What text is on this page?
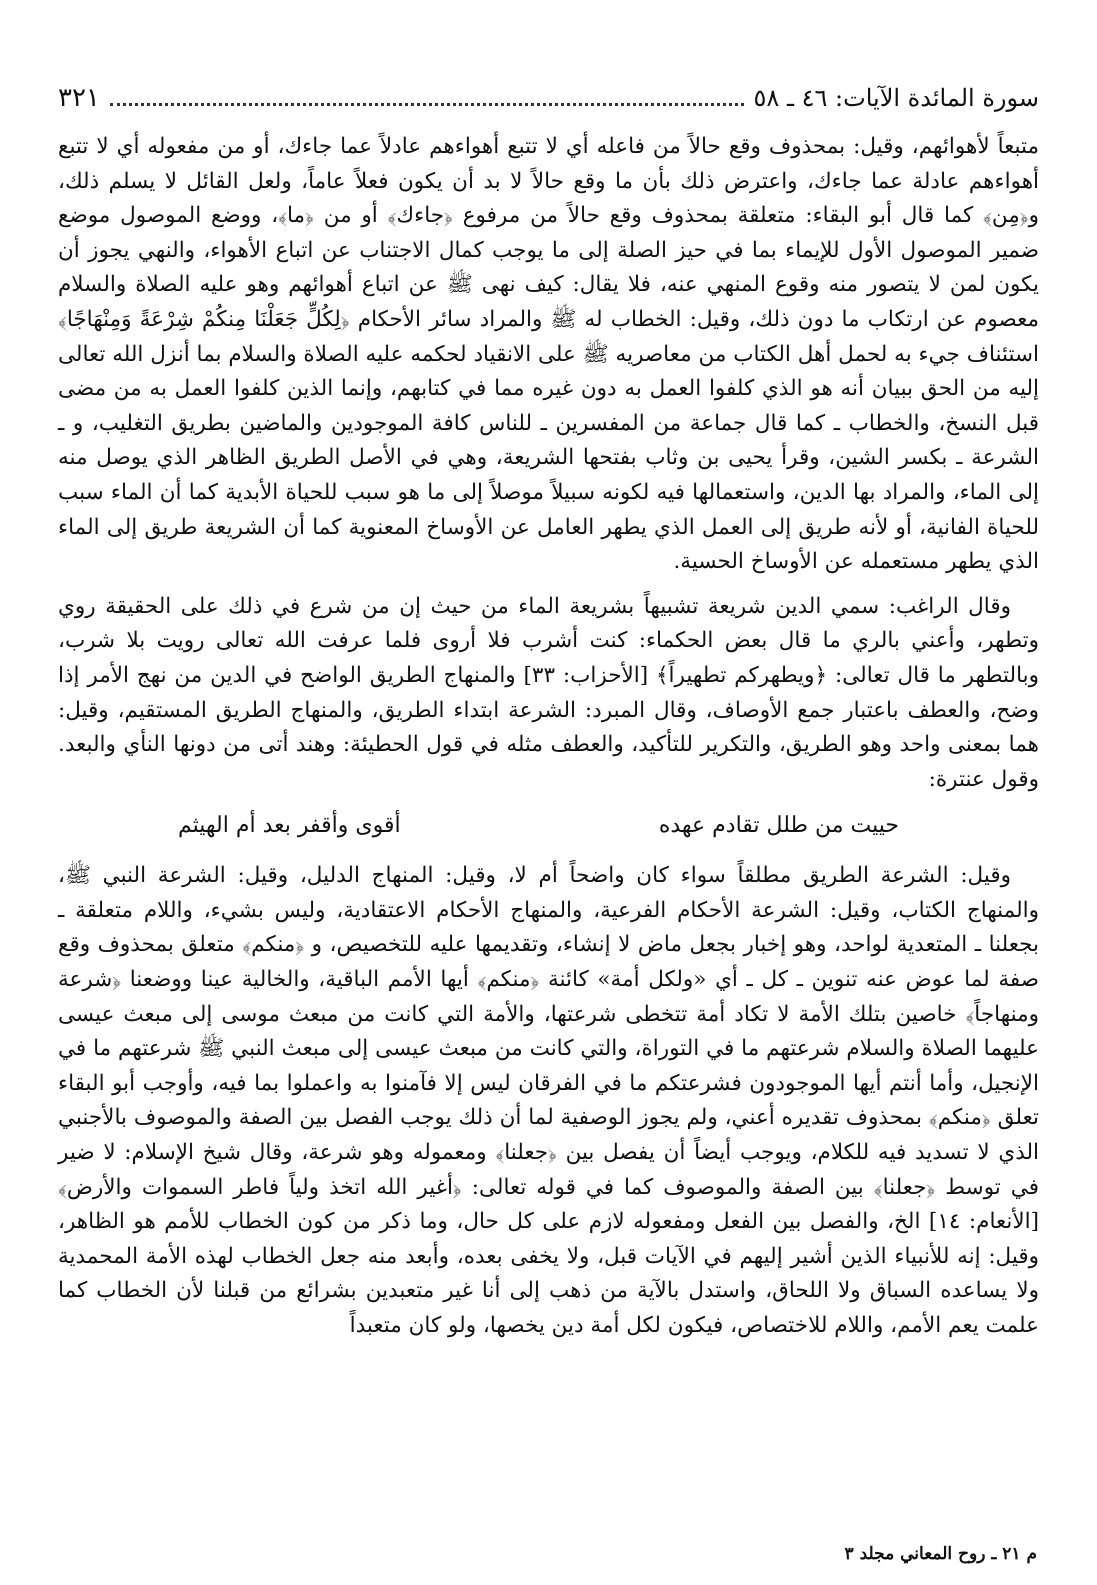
سورة المائدة الآيات: ٤٦ ـ ٥٨
٣٢١

متبعاً لأهوائهم، وقيل: بمحذوف وقع حالاً من فاعله أي لا تتبع أهواءهم عادلاً عما جاءك، أو من مفعوله أي لا تتبع أهواءهم عادلة عما جاءك، واعترض ذلك بأن ما وقع حالاً لا بد أن يكون فعلاً عاماً، ولعل القائل لا يسلم ذلك، و﴿مِن﴾ كما قال أبو البقاء: متعلقة بمحذوف وقع حالاً من مرفوع ﴿جاءك﴾ أو من ﴿ما﴾، ووضع الموصول موضع ضمير الموصول الأول للإيماء بما في حيز الصلة إلى ما يوجب كمال الاجتناب عن اتباع الأهواء، والنهي يجوز أن يكون لمن لا يتصور منه وقوع المنهي عنه، فلا يقال: كيف نهى ﷺ عن اتباع أهوائهم وهو عليه الصلاة والسلام معصوم عن ارتكاب ما دون ذلك، وقيل: الخطاب له ﷺ والمراد سائر الأحكام ﴿لِكُلٍّ جَعَلْنَا مِنكُمْ شِرْعَةً وَمِنْهَاجًا﴾ استئناف جيء به لحمل أهل الكتاب من معاصريه ﷺ على الانقياد لحكمه عليه الصلاة والسلام بما أنزل الله تعالى إليه من الحق ببيان أنه هو الذي كلفوا العمل به دون غيره مما في كتابهم، وإنما الذين كلفوا العمل به من مضى قبل النسخ، والخطاب ـ كما قال جماعة من المفسرين ـ للناس كافة الموجودين والماضين بطريق التغليب، و ـ الشرعة ـ بكسر الشين، وقرأ يحيى بن وثاب بفتحها الشريعة، وهي في الأصل الطريق الظاهر الذي يوصل منه إلى الماء، والمراد بها الدين، واستعمالها فيه لكونه سبيلاً موصلاً إلى ما هو سبب للحياة الأبدية كما أن الماء سبب للحياة الفانية، أو لأنه طريق إلى العمل الذي يطهر العامل عن الأوساخ المعنوية كما أن الشريعة طريق إلى الماء الذي يطهر مستعمله عن الأوساخ الحسية.

وقال الراغب: سمي الدين شريعة تشبيهاً بشريعة الماء من حيث إن من شرع في ذلك على الحقيقة روي وتطهر، وأعني بالري ما قال بعض الحكماء: كنت أشرب فلا أروى فلما عرفت الله تعالى رويت بلا شرب، وبالتطهر ما قال تعالى: ﴿ويطهركم تطهيراً﴾ [الأحزاب: ٣٣] والمنهاج الطريق الواضح في الدين من نهج الأمر إذا وضح، والعطف باعتبار جمع الأوصاف، وقال المبرد: الشرعة ابتداء الطريق، والمنهاج الطريق المستقيم، وقيل: هما بمعنى واحد وهو الطريق، والتكرير للتأكيد، والعطف مثله في قول الحطيئة: وهند أتى من دونها النأي والبعد. وقول عنترة:

حييت من طلل تقادم عهده
أقوى وأقفر بعد أم الهيثم

وقيل: الشرعة الطريق مطلقاً سواء كان واضحاً أم لا، وقيل: المنهاج الدليل، وقيل: الشرعة النبي ﷺ، والمنهاج الكتاب، وقيل: الشرعة الأحكام الفرعية، والمنهاج الأحكام الاعتقادية، وليس بشيء، واللام متعلقة ـ بجعلنا ـ المتعدية لواحد، وهو إخبار بجعل ماض لا إنشاء، وتقديمها عليه للتخصيص، و ﴿منكم﴾ متعلق بمحذوف وقع صفة لما عوض عنه تنوين ـ كل ـ أي «ولكل أمة» كائنة ﴿منكم﴾ أيها الأمم الباقية، والخالية عينا ووضعنا ﴿شرعة ومنهاجاً﴾ خاصين بتلك الأمة لا تكاد أمة تتخطى شرعتها، والأمة التي كانت من مبعث موسى إلى مبعث عيسى عليهما الصلاة والسلام شرعتهم ما في التوراة، والتي كانت من مبعث عيسى إلى مبعث النبي ﷺ شرعتهم ما في الإنجيل، وأما أنتم أيها الموجودون فشرعتكم ما في الفرقان ليس إلا فآمنوا به واعملوا بما فيه، وأوجب أبو البقاء تعلق ﴿منكم﴾ بمحذوف تقديره أعني، ولم يجوز الوصفية لما أن ذلك يوجب الفصل بين الصفة والموصوف بالأجنبي الذي لا تسديد فيه للكلام، ويوجب أيضاً أن يفصل بين ﴿جعلنا﴾ ومعموله وهو شرعة، وقال شيخ الإسلام: لا ضير في توسط ﴿جعلنا﴾ بين الصفة والموصوف كما في قوله تعالى: ﴿أغير الله اتخذ ولياً فاطر السموات والأرض﴾ [الأنعام: ١٤] الخ، والفصل بين الفعل ومفعوله لازم على كل حال، وما ذكر من كون الخطاب للأمم هو الظاهر، وقيل: إنه للأنبياء الذين أشير إليهم في الآيات قبل، ولا يخفى بعده، وأبعد منه جعل الخطاب لهذه الأمة المحمدية ولا يساعده السباق ولا اللحاق، واستدل بالآية من ذهب إلى أنا غير متعبدين بشرائع من قبلنا لأن الخطاب كما علمت يعم الأمم، واللام للاختصاص، فيكون لكل أمة دين يخصها، ولو كان متعبداً

م ٢١ ـ روح المعاني مجلد ٣
